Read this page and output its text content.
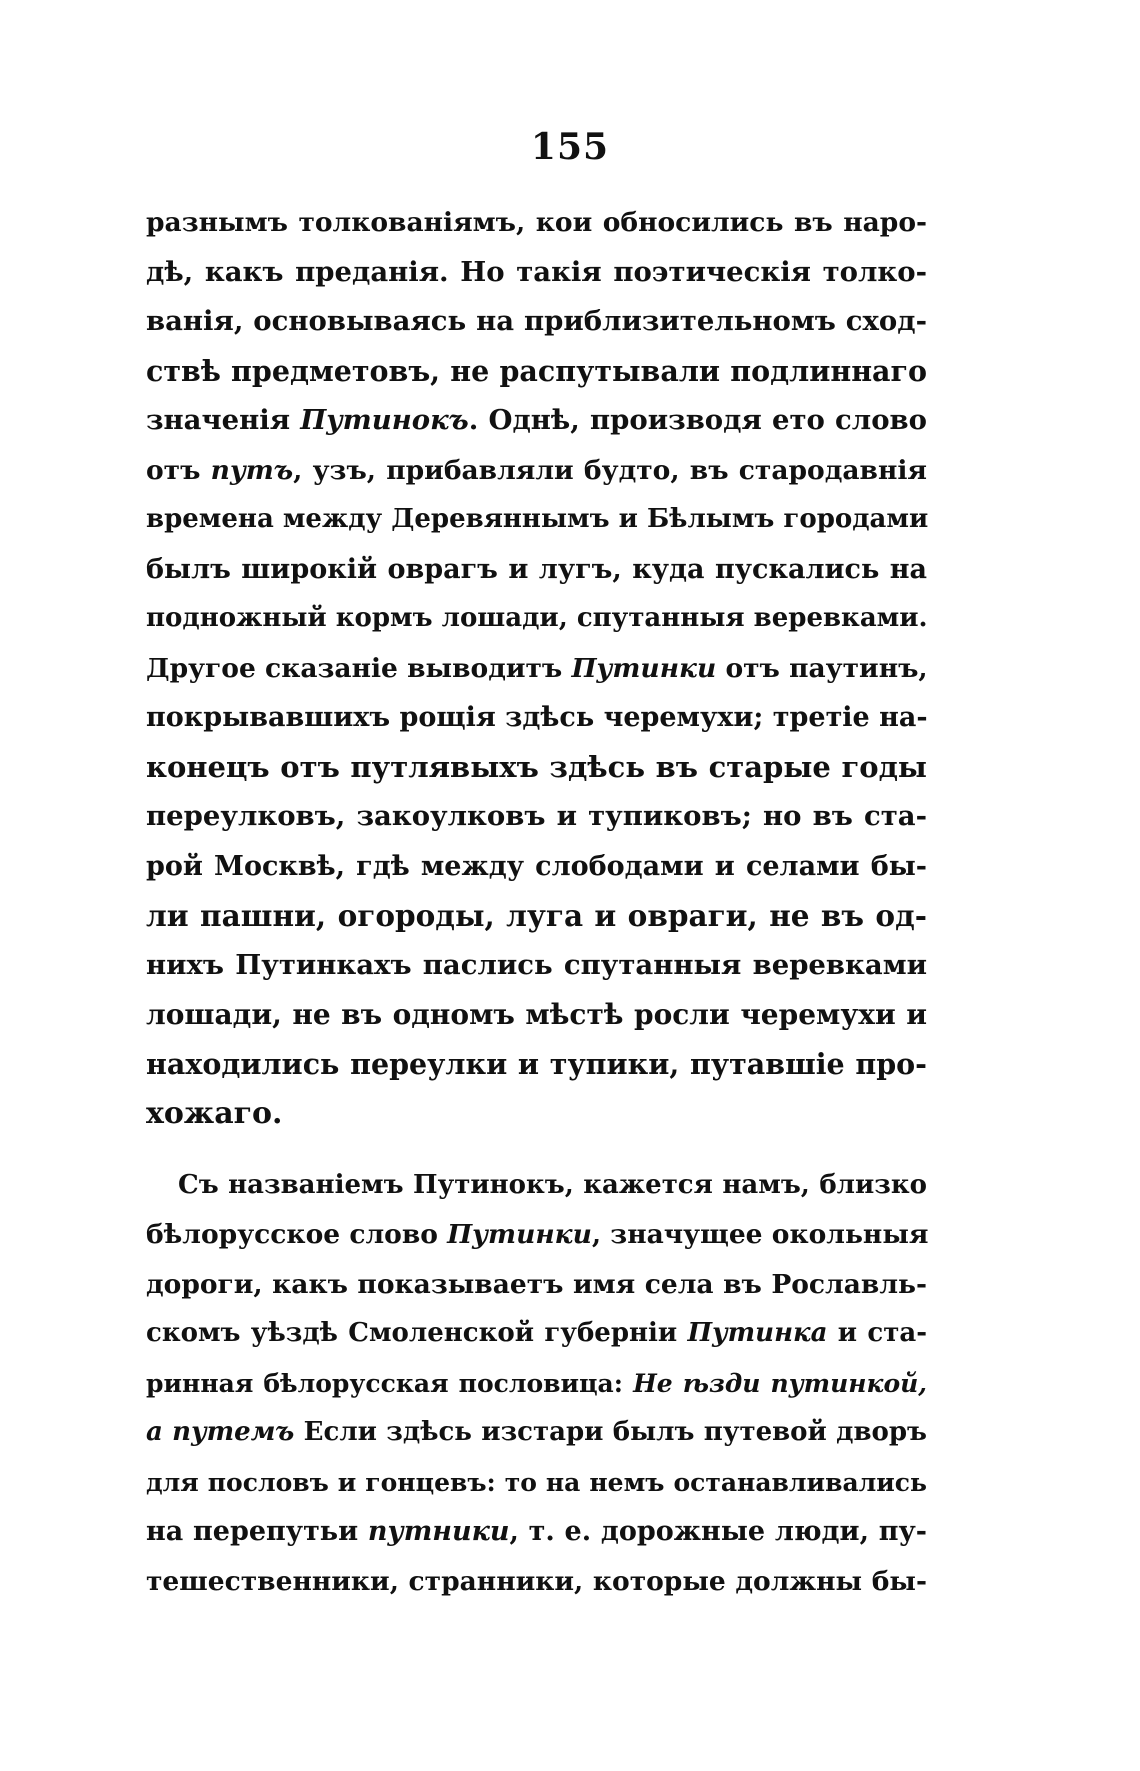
155
разнымъ толкованіямъ, кои обносились въ наро-
дѣ, какъ преданія. Но такія поэтическія толко-
ванія, основываясь на приблизительномъ сход-
ствѣ предметовъ, не распутывали подлиннаго
значенія Путинокъ. Однѣ, производя ето слово
отъ путъ, узъ, прибавляли будто, въ стародавнія
времена между Деревяннымъ и Бѣлымъ городами
былъ широкій оврагъ и лугъ, куда пускались на
подножный кормъ лошади, спутанныя веревками.
Другое сказаніе выводитъ Путинки отъ паутинъ,
покрывавшихъ рощія здѣсь черемухи; третіе на-
конецъ отъ путлявыхъ здѣсь въ старые годы
переулковъ, закоулковъ и тупиковъ; но въ ста-
рой Москвѣ, гдѣ между слободами и селами бы-
ли пашни, огороды, луга и овраги, не въ од-
нихъ Путинкахъ паслись спутанныя веревками
лошади, не въ одномъ мѣстѣ росли черемухи и
находились переулки и тупики, путавшіе про-
хожаго.
Съ названіемъ Путинокъ, кажется намъ, близко
бѣлорусское слово Путинки, значущее окольныя
дороги, какъ показываетъ имя села въ Рославль-
скомъ уѣздѣ Смоленской губерніи Путинка и ста-
ринная бѣлорусская пословица: Не ѣзди путинкой,
а путемъ Если здѣсь изстари былъ путевой дворъ
для пословъ и гонцевъ: то на немъ останавливались
на перепутьи путники, т. е. дорожные люди, пу-
тешественники, странники, которые должны бы-
